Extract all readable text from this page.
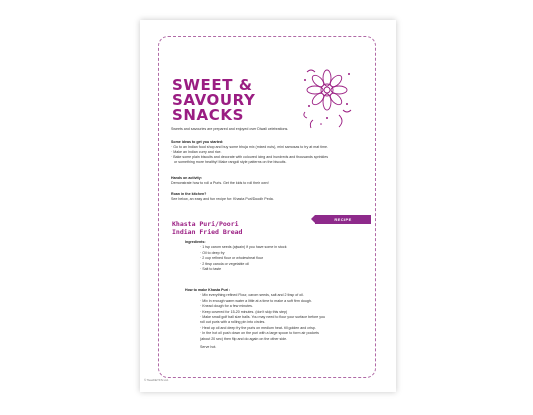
SWEET & SAVOURY SNACKS
Sweets and savouries are prepared and enjoyed over Diwali celebrations.
Some ideas to get you started:
· Go to an Indian food shop and buy some bhuja mix (mixed nuts), mini samosas to try at mat time.
· Make an Indian curry and rice.
· Bake some plain biscuits and decorate with coloured icing and hundreds and thousands sprinkles
or something more healthy! Make rangoli style patterns on the biscuits.
Hands on activity:
Demonstrate how to roll a Puris. Get the kids to roll their own!
Roan in the kitchen?
See below, an easy and fun recipe for: Khasta Puri/Doodh Peda.
RECIPE
Khasta Puri/Poori
Indian Fried Bread
Ingredients:
· 1 tsp carom seeds (ajwain) if you have some in stock
· Oil to deep fry
· 2 cup refined flour or wholewheat flour
· 2 tbsp canola or vegetable oil
· Salt to taste
How to make Khasta Puri :
· Mix everything refined Flour, carom seeds, salt and 2 tbsp of oil.
· Mix in enough warm water a little at a time to make a soft firm dough.
· Knead dough for a few minutes.
· Keep covered for 15-20 minutes. (don't skip this step)
· Make small golf ball size balls. You may need to flour your surface before you
roll out puris with a rolling pin into circles.
· Heat up oil and deep fry the puris on medium heat- till golden and crisp.
· In the hot oil push down on the puri with a large spoon to form air pockets
(about 20 sec) then flip and do again on the other side.
Serve hot.
© TeachEYFS Ltd.
